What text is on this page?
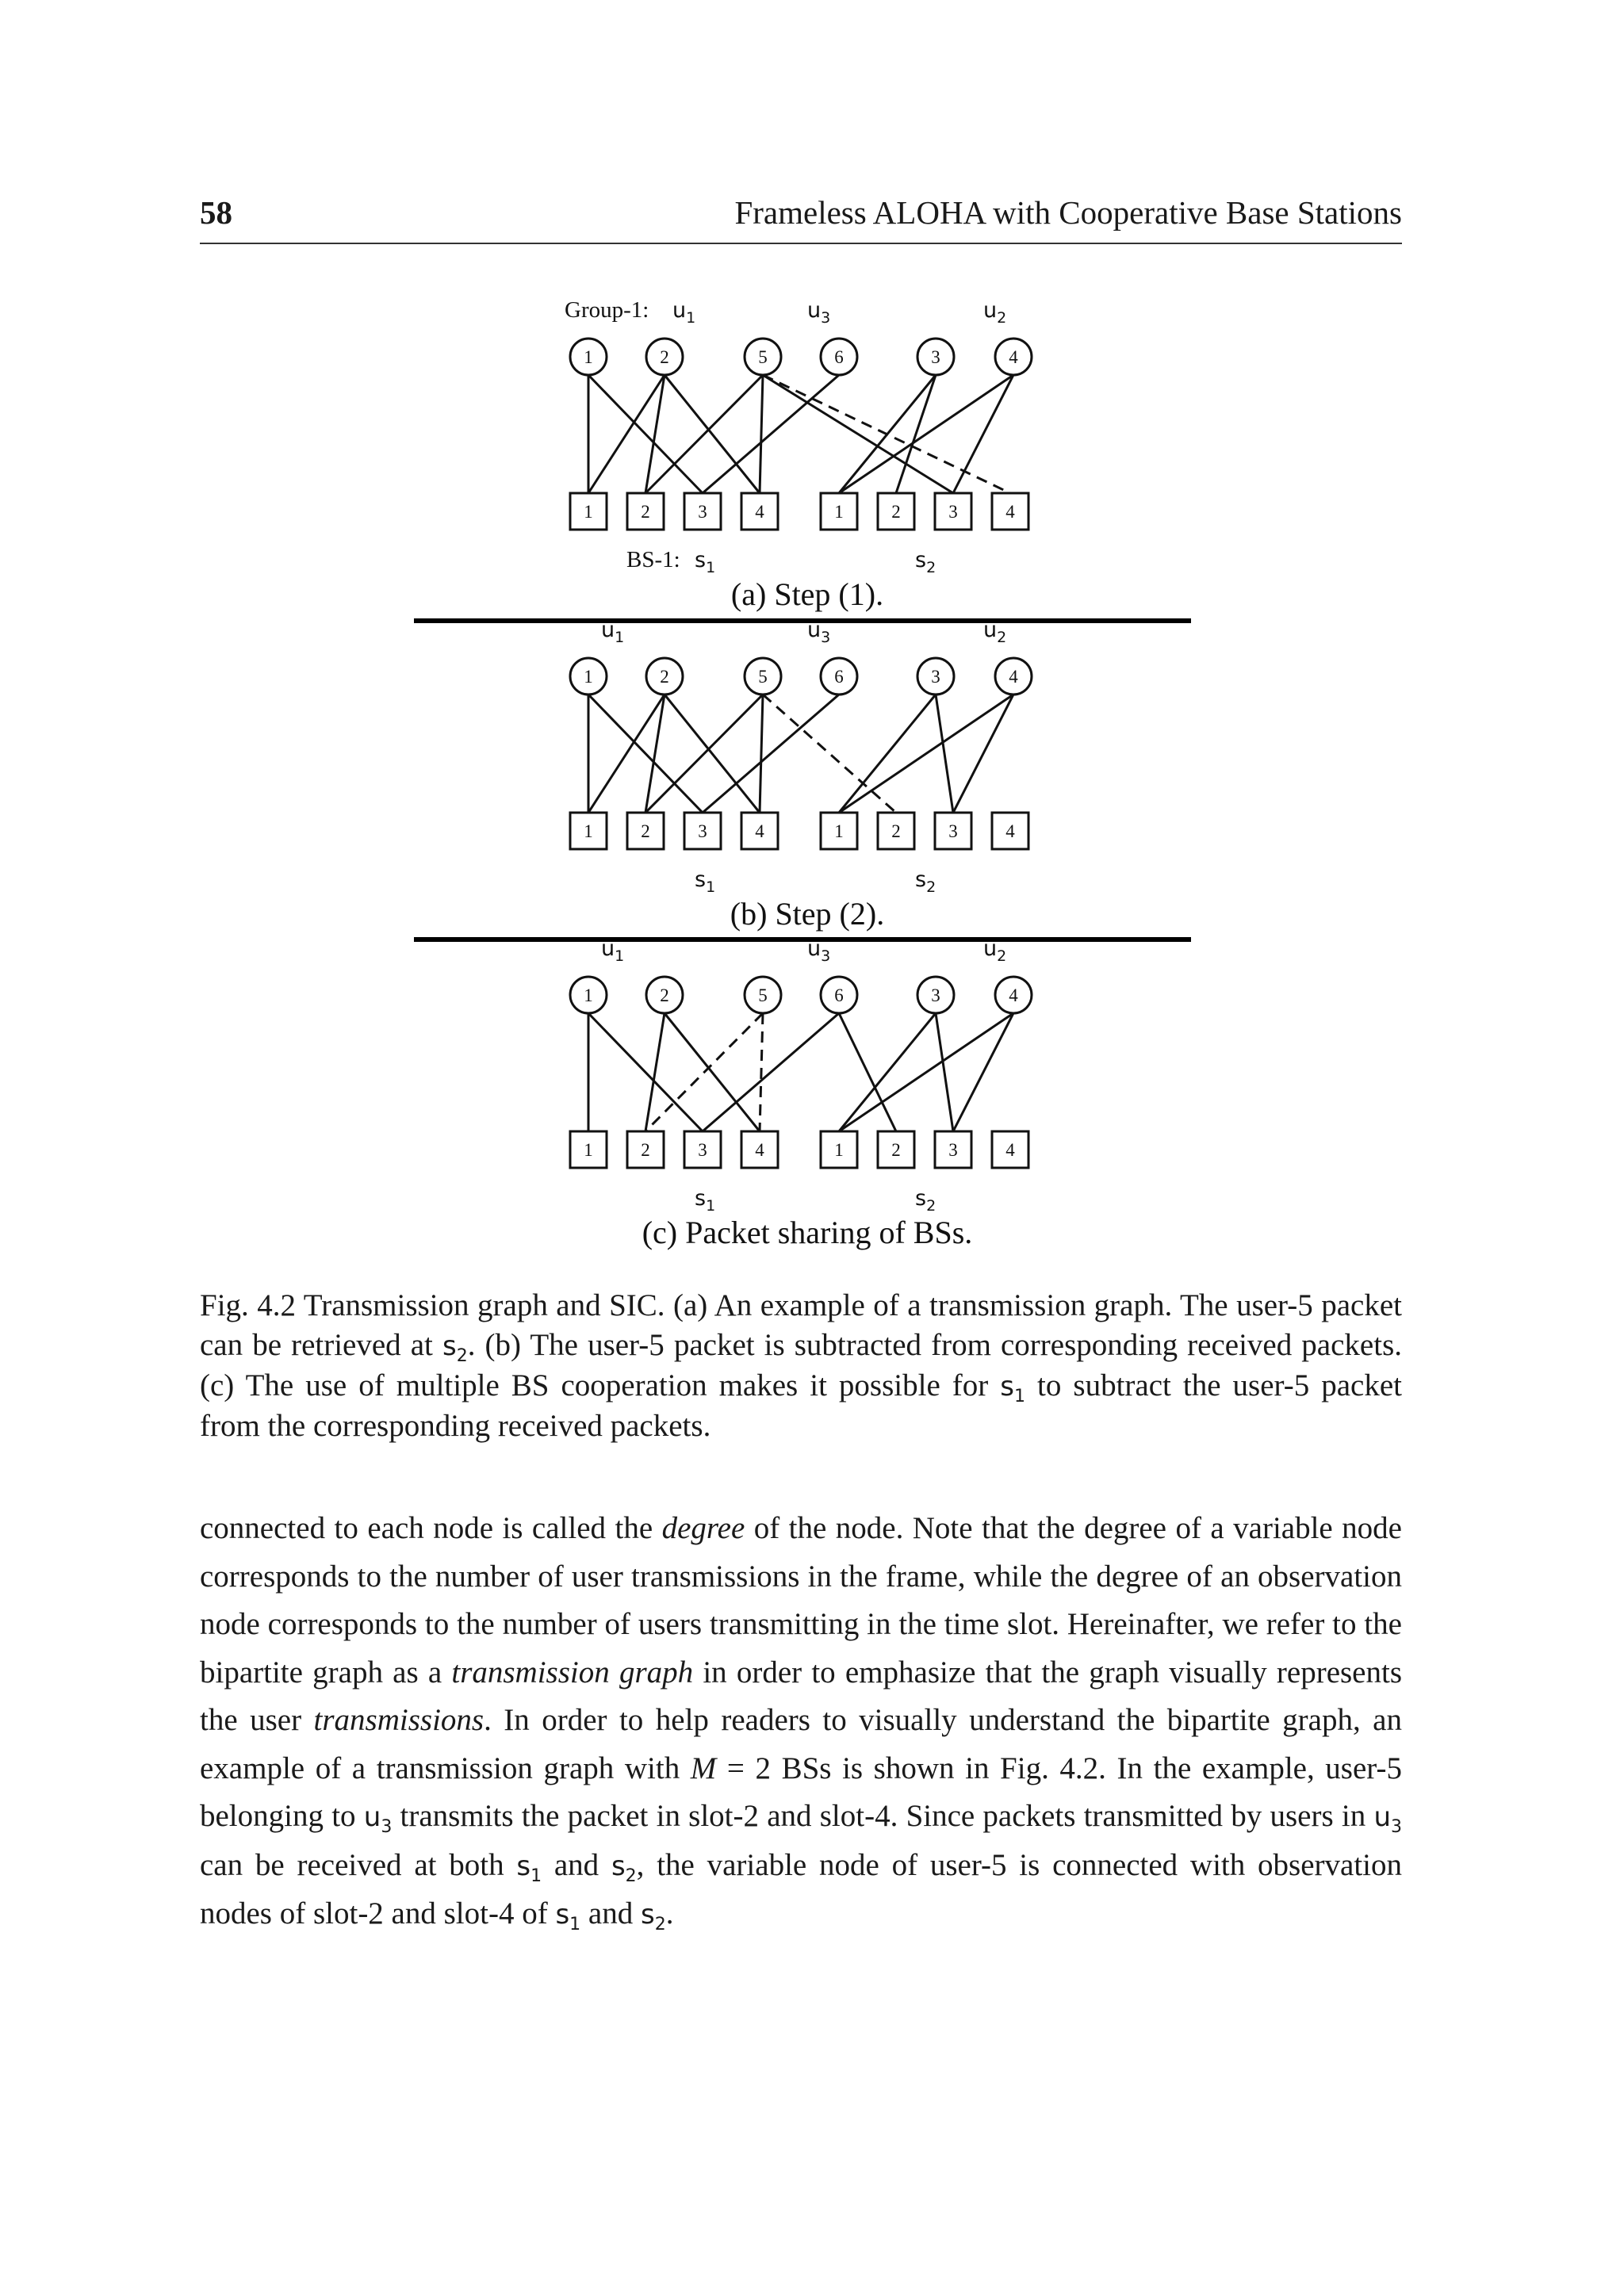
58	Frameless ALOHA with Cooperative Base Stations
Group-1: $u_1$	$u_3$	$u_2$
1	2	5	6	3	4
1	2	3	4	1	2	3	4
BS-1: $s_1$	$s_2$
(a) Step (1).
$u_1$	$u_3$	$u_2$
1	2	5	6	3	4
1	2	3	4	1	2	3	4
$s_1$	$s_2$
(b) Step (2).
$u_1$	$u_3$	$u_2$
1	2	5	6	3	4
1	2	3	4	1	2	3	4
$s_1$	$s_2$
(c) Packet sharing of BSs.
Fig. 4.2 Transmission graph and SIC. (a) An example of a transmission graph. The user-5 packet can be retrieved at $s_2$. (b) The user-5 packet is subtracted from corresponding received packets. (c) The use of multiple BS cooperation makes it possible for $s_1$ to subtract the user-5 packet from the corresponding received packets.
connected to each node is called the degree of the node. Note that the degree of a variable node corresponds to the number of user transmissions in the frame, while the degree of an observation node corresponds to the number of users transmitting in the time slot. Hereinafter, we refer to the bipartite graph as a transmission graph in order to emphasize that the graph visually represents the user transmissions. In order to help readers to visually understand the bipartite graph, an example of a transmission graph with M = 2 BSs is shown in Fig. 4.2. In the example, user-5 belonging to $u_3$ transmits the packet in slot-2 and slot-4. Since packets transmitted by users in $u_3$ can be received at both $s_1$ and $s_2$, the variable node of user-5 is connected with observation nodes of slot-2 and slot-4 of $s_1$ and $s_2$.
